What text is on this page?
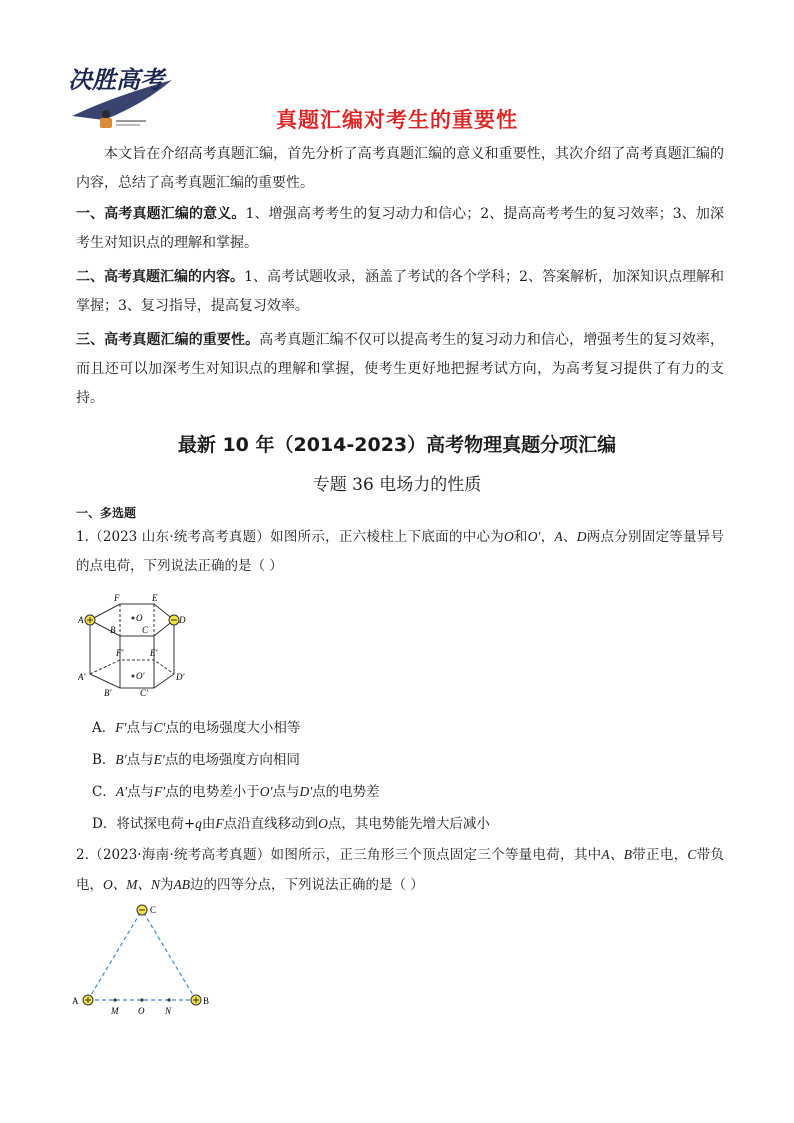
决胜高考
真题汇编对考生的重要性
本文旨在介绍高考真题汇编，首先分析了高考真题汇编的意义和重要性，其次介绍了高考真题汇编的内容，总结了高考真题汇编的重要性。
一、高考真题汇编的意义。1、增强高考考生的复习动力和信心；2、提高高考考生的复习效率；3、加深考生对知识点的理解和掌握。
二、高考真题汇编的内容。1、高考试题收录，涵盖了考试的各个学科；2、答案解析，加深知识点理解和掌握；3、复习指导，提高复习效率。
三、高考真题汇编的重要性。高考真题汇编不仅可以提高考生的复习动力和信心，增强考生的复习效率，而且还可以加深考生对知识点的理解和掌握，使考生更好地把握考试方向，为高考复习提供了有力的支持。
最新 10 年（2014-2023）高考物理真题分项汇编
专题 36 电场力的性质
一、多选题
1.（2023 山东·统考高考真题）如图所示，正六棱柱上下底面的中心为O和O′，A、D两点分别固定等量异号的点电荷，下列说法正确的是（ ）
A
F	E
D
B	C
O
F′	E′
A′	D′
B′	C′
O′
A．F′点与C′点的电场强度大小相等
B．B′点与E′点的电场强度方向相同
C．A′点与F′点的电势差小于O′点与D′点的电势差
D．将试探电荷+q由F点沿直线移动到O点，其电势能先增大后减小
2.（2023·海南·统考高考真题）如图所示，正三角形三个顶点固定三个等量电荷，其中A、B带正电，C带负电，O、M、N为AB边的四等分点，下列说法正确的是（ ）
C
A	B
M O N
